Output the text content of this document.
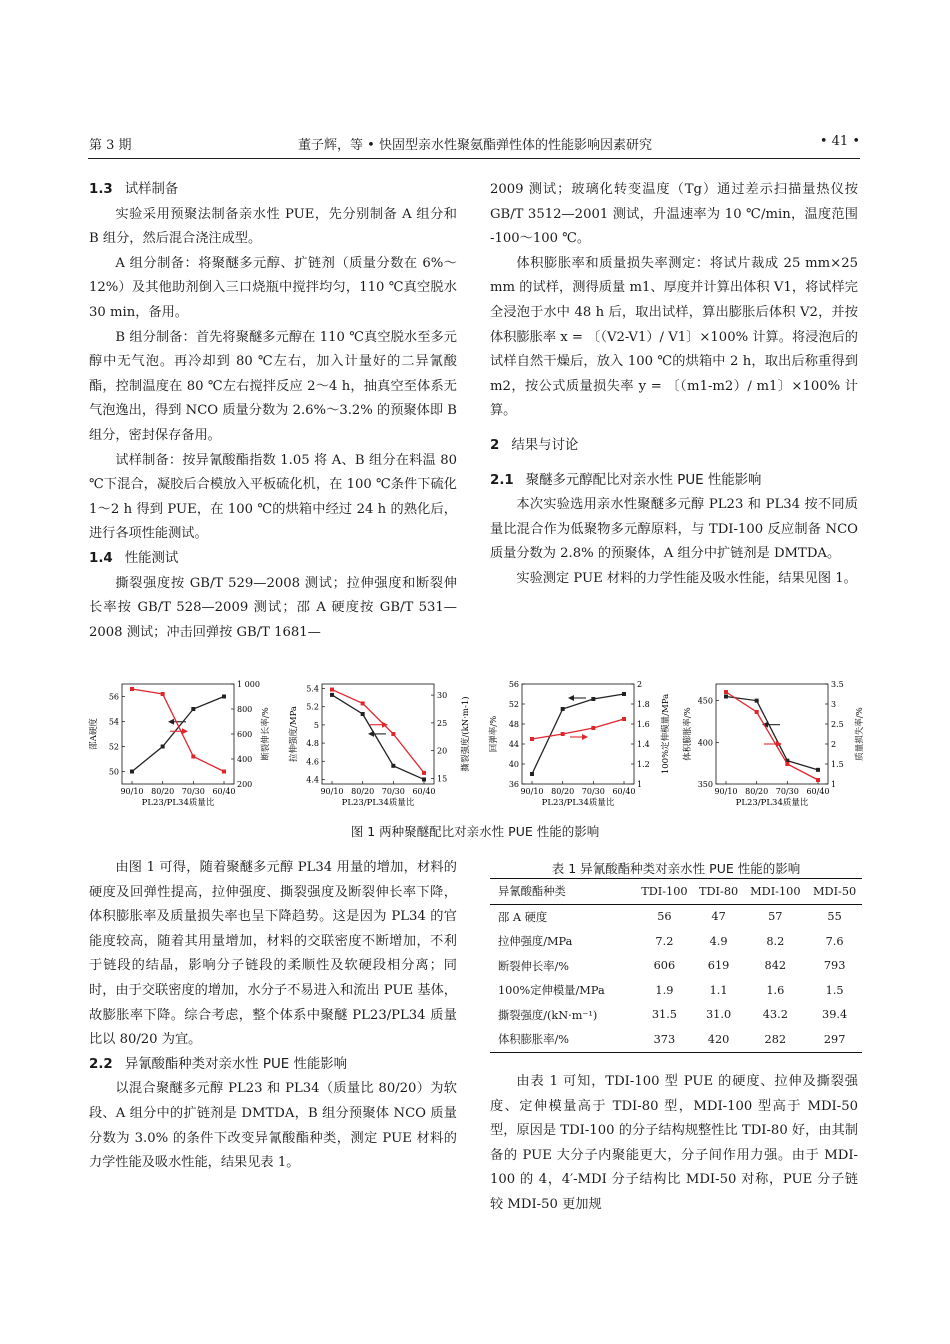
第 3 期	董子辉，等 • 快固型亲水性聚氨酯弹性体的性能影响因素研究	• 41 •
1.3 试样制备

实验采用预聚法制备亲水性 PUE，先分别制备 A 组分和 B 组分，然后混合浇注成型。

A 组分制备：将聚醚多元醇、扩链剂（质量分数在 6%～12%）及其他助剂倒入三口烧瓶中搅拌均匀，110 ℃真空脱水 30 min，备用。

B 组分制备：首先将聚醚多元醇在 110 ℃真空脱水至多元醇中无气泡。再冷却到 80 ℃左右，加入计量好的二异氰酸酯，控制温度在 80 ℃左右搅拌反应 2～4 h，抽真空至体系无气泡逸出，得到 NCO 质量分数为 2.6%～3.2% 的预聚体即 B 组分，密封保存备用。

试样制备：按异氰酸酯指数 1.05 将 A、B 组分在料温 80 ℃下混合，凝胶后合模放入平板硫化机，在 100 ℃条件下硫化 1～2 h 得到 PUE，在 100 ℃的烘箱中经过 24 h 的熟化后，进行各项性能测试。

1.4 性能测试

撕裂强度按 GB/T 529—2008 测试；拉伸强度和断裂伸长率按 GB/T 528—2009 测试；邵 A 硬度按 GB/T 531—2008 测试；冲击回弹按 GB/T 1681—

2009 测试；玻璃化转变温度（Tg）通过差示扫描量热仪按 GB/T 3512—2001 测试，升温速率为 10 ℃/min，温度范围 -100～100 ℃。

体积膨胀率和质量损失率测定：将试片裁成 25 mm×25 mm 的试样，测得质量 m1、厚度并计算出体积 V1，将试样完全浸泡于水中 48 h 后，取出试样，算出膨胀后体积 V2，并按体积膨胀率 x = 〔（V2-V1）/ V1〕×100% 计算。将浸泡后的试样自然干燥后，放入 100 ℃的烘箱中 2 h，取出后称重得到 m2，按公式质量损失率 y = 〔（m1-m2）/ m1〕×100% 计算。

2 结果与讨论
2.1 聚醚多元醇配比对亲水性 PUE 性能影响

本次实验选用亲水性聚醚多元醇 PL23 和 PL34 按不同质量比混合作为低聚物多元醇原料，与 TDI-100 反应制备 NCO 质量分数为 2.8% 的预聚体，A 组分中扩链剂是 DMTDA。

实验测定 PUE 材料的力学性能及吸水性能，结果见图 1。

50
52
54
56
200
400
600
800
1 000
90/10 80/20 70/30 60/40
PL23/PL34质量比
邵A硬度	断裂伸长率/%
4.4
4.6
4.8
5
5.2
5.4
15
20
25
30
90/10 80/20 70/30 60/40
PL23/PL34质量比
拉伸强度/MPa	撕裂强度/(kN·m-1)
36
40
44
48
52
56
1
1.2
1.4
1.6
1.8
2
90/10 80/20 70/30 60/40
PL23/PL34质量比
回弹率/%	100%定伸模量/MPa
350
400
450
1
1.5
2
2.5
3
3.5
90/10 80/20 70/30 60/40
PL23/PL34质量比
体积膨胀率/%	质量损失率/%
图 1 两种聚醚配比对亲水性 PUE 性能的影响

由图 1 可得，随着聚醚多元醇 PL34 用量的增加，材料的硬度及回弹性提高，拉伸强度、撕裂强度及断裂伸长率下降，体积膨胀率及质量损失率也呈下降趋势。这是因为 PL34 的官能度较高，随着其用量增加，材料的交联密度不断增加，不利于链段的结晶，影响分子链段的柔顺性及软硬段相分离；同时，由于交联密度的增加，水分子不易进入和流出 PUE 基体，故膨胀率下降。综合考虑，整个体系中聚醚 PL23/PL34 质量比以 80/20 为宜。

2.2 异氰酸酯种类对亲水性 PUE 性能影响

以混合聚醚多元醇 PL23 和 PL34（质量比 80/20）为软段、A 组分中的扩链剂是 DMTDA，B 组分预聚体 NCO 质量分数为 3.0% 的条件下改变异氰酸酯种类，测定 PUE 材料的力学性能及吸水性能，结果见表 1。

表 1 异氰酸酯种类对亲水性 PUE 性能的影响
异氰酸酯种类	TDI-100	TDI-80	MDI-100	MDI-50
邵 A 硬度	56	47	57	55
拉伸强度/MPa	7.2	4.9	8.2	7.6
断裂伸长率/%	606	619	842	793
100%定伸模量/MPa	1.9	1.1	1.6	1.5
撕裂强度/(kN·m⁻¹)	31.5	31.0	43.2	39.4
体积膨胀率/%	373	420	282	297

由表 1 可知，TDI-100 型 PUE 的硬度、拉伸及撕裂强度、定伸模量高于 TDI-80 型，MDI-100 型高于 MDI-50 型，原因是 TDI-100 的分子结构规整性比 TDI-80 好，由其制备的 PUE 大分子内聚能更大，分子间作用力强。由于 MDI-100 的 4，4′-MDI 分子结构比 MDI-50 对称，PUE 分子链较 MDI-50 更加规
